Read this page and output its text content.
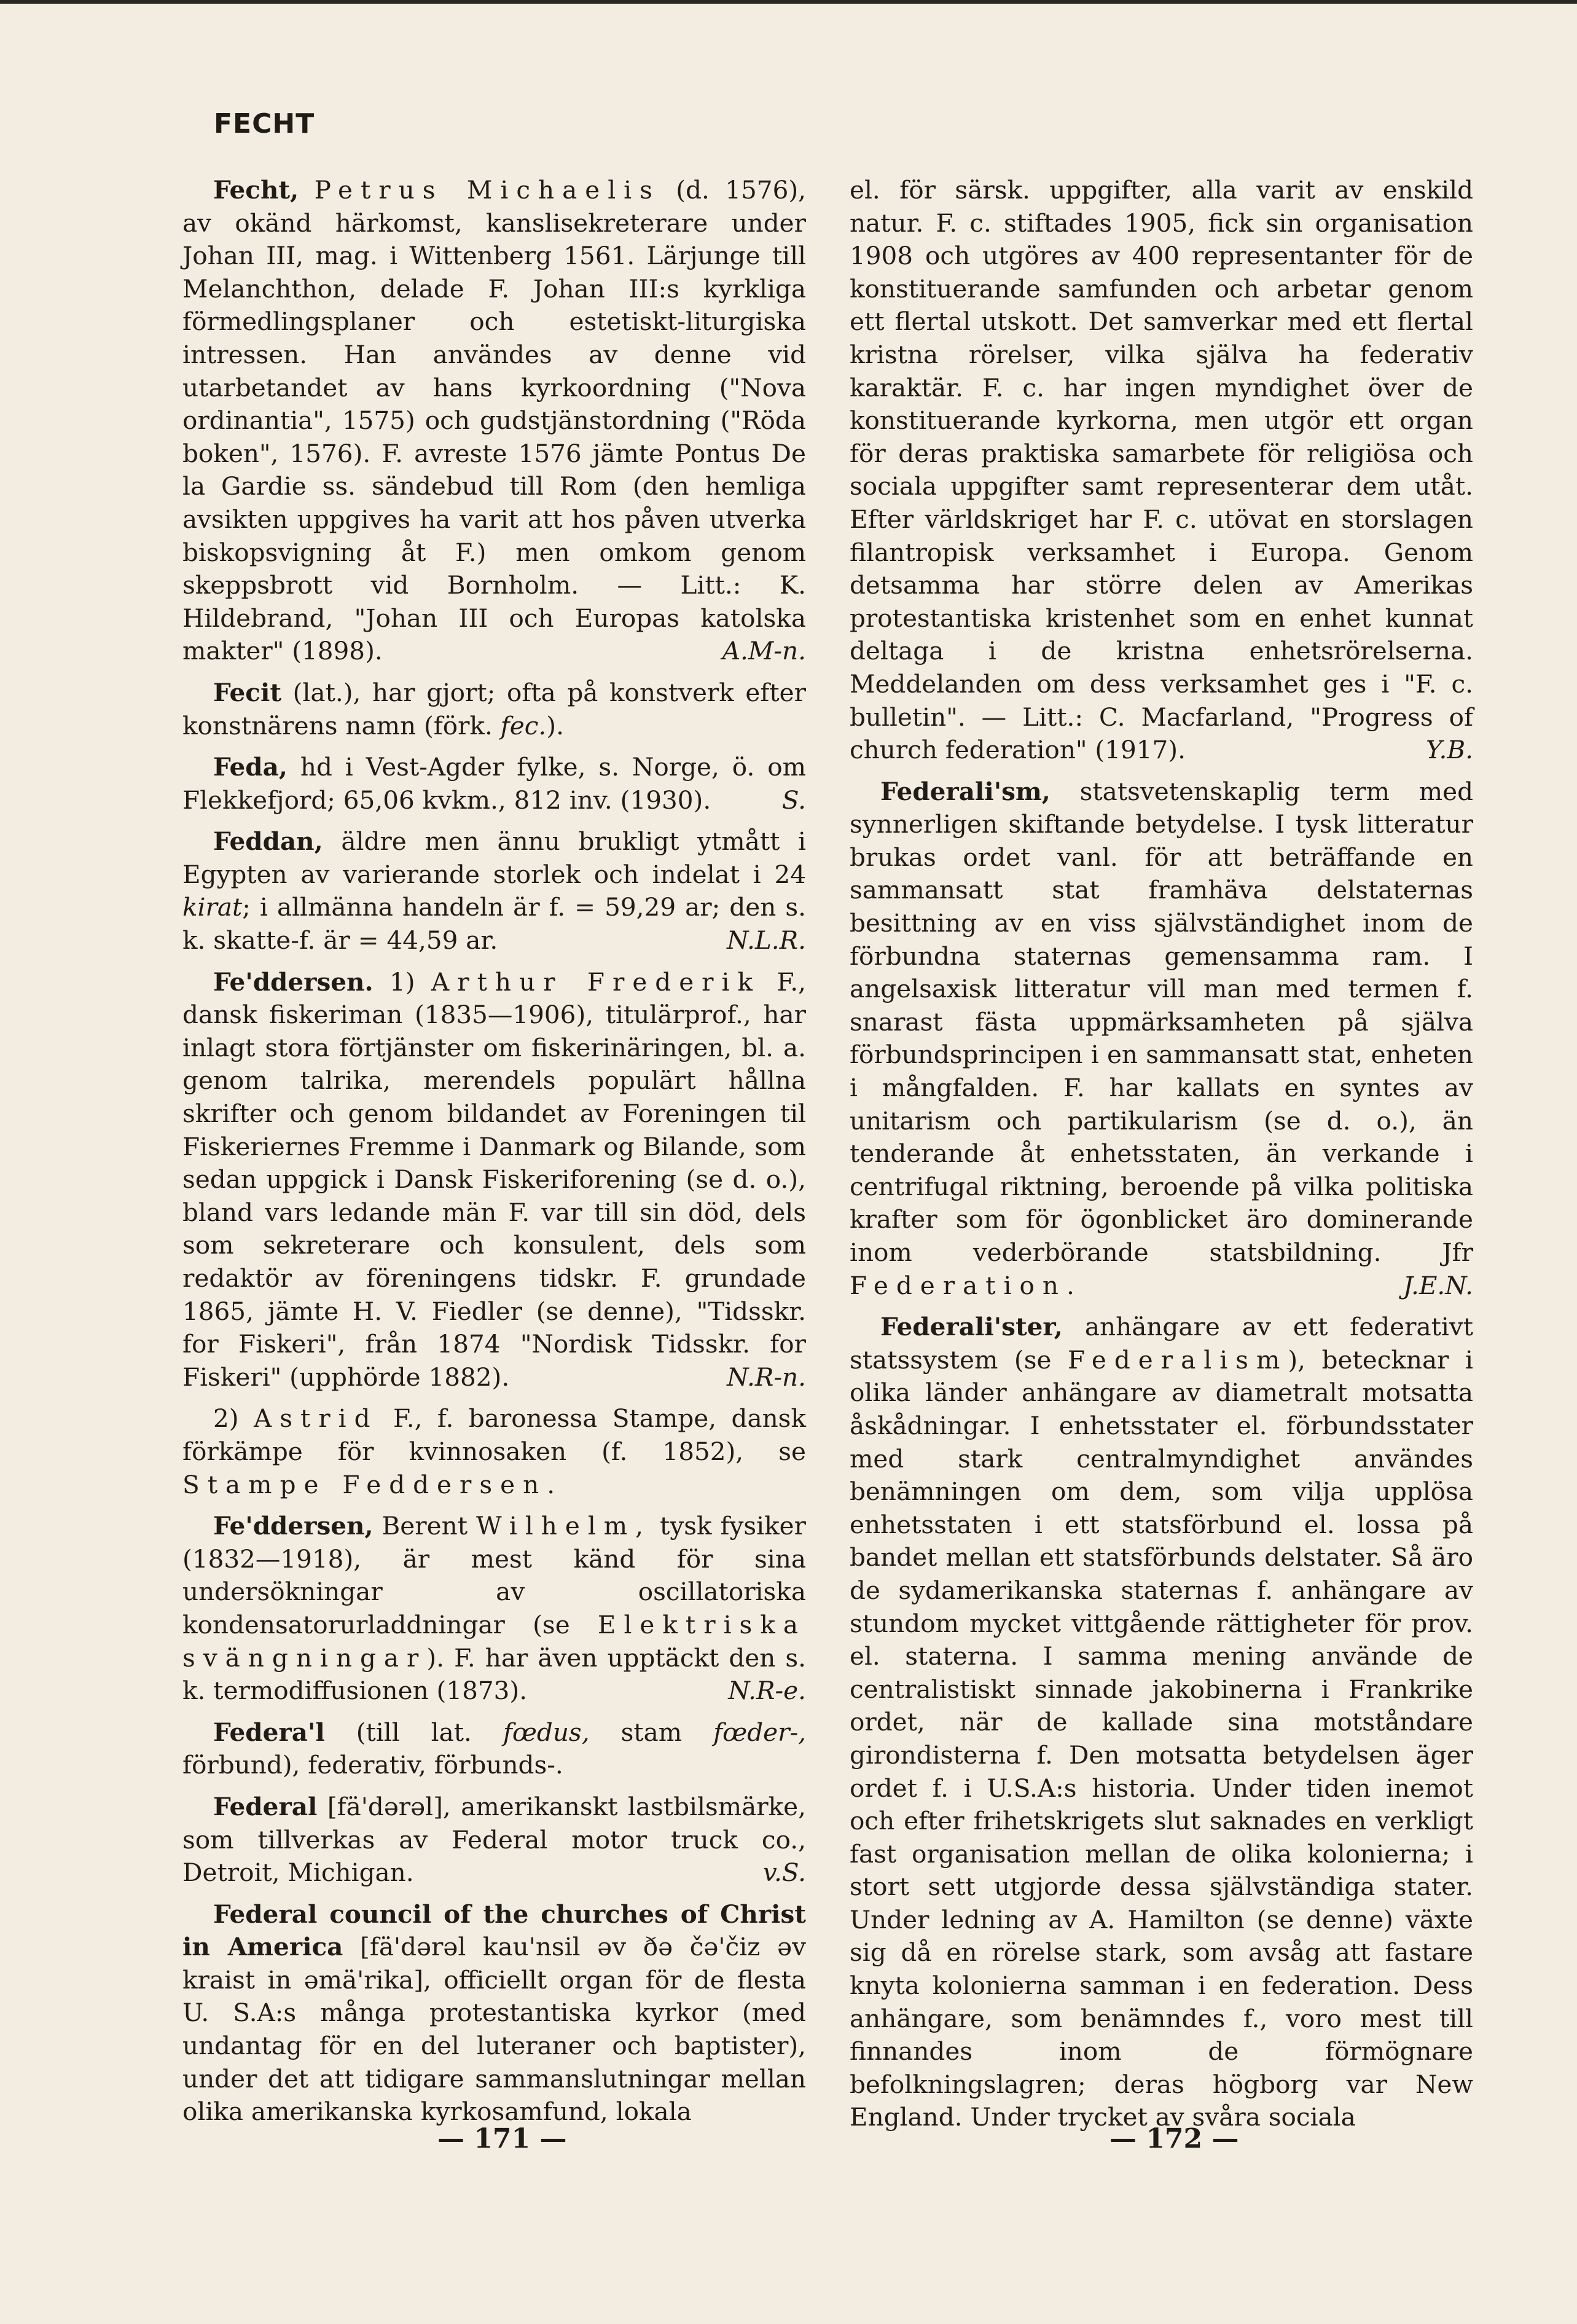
FECHT

Fecht, Petrus Michaelis (d. 1576), av okänd härkomst, kanslisekreterare under Johan III, mag. i Wittenberg 1561. Lärjunge till Melanchthon, delade F. Johan III:s kyrkliga förmedlingsplaner och estetiskt-liturgiska intressen. Han användes av denne vid utarbetandet av hans kyrkoordning ("Nova ordinantia", 1575) och gudstjänstordning ("Röda boken", 1576). F. avreste 1576 jämte Pontus De la Gardie ss. sändebud till Rom (den hemliga avsikten uppgives ha varit att hos påven utverka biskopsvigning åt F.) men omkom genom skeppsbrott vid Bornholm. — Litt.: K. Hildebrand, "Johan III och Europas katolska makter" (1898).	A.M-n.

Fecit (lat.), har gjort; ofta på konstverk efter konstnärens namn (förk. fec.).

Feda, hd i Vest-Agder fylke, s. Norge, ö. om Flekkefjord; 65,06 kvkm., 812 inv. (1930).	S.

Feddan, äldre men ännu brukligt ytmått i Egypten av varierande storlek och indelat i 24 kirat; i allmänna handeln är f. = 59,29 ar; den s. k. skatte-f. är = 44,59 ar.	N.L.R.

Fe'ddersen. 1) Arthur Frederik F., dansk fiskeriman (1835—1906), titulärprof., har inlagt stora förtjänster om fiskerinäringen, bl. a. genom talrika, merendels populärt hållna skrifter och genom bildandet av Foreningen til Fiskeriernes Fremme i Danmark og Bilande, som sedan uppgick i Dansk Fiskeriforening (se d. o.), bland vars ledande män F. var till sin död, dels som sekreterare och konsulent, dels som redaktör av föreningens tidskr. F. grundade 1865, jämte H. V. Fiedler (se denne), "Tidsskr. for Fiskeri", från 1874 "Nordisk Tidsskr. for Fiskeri" (upphörde 1882).	N.R-n.

2) Astrid F., f. baronessa Stampe, dansk förkämpe för kvinnosaken (f. 1852), se Stampe Feddersen.

Fe'ddersen, Berent Wilhelm, tysk fysiker (1832—1918), är mest känd för sina undersökningar av oscillatoriska kondensatorurladdningar (se Elektriska svängningar). F. har även upptäckt den s. k. termodiffusionen (1873).	N.R-e.

Federa'l (till lat. fœdus, stam fœder-, förbund), federativ, förbunds-.

Federal [fä'dərəl], amerikanskt lastbilsmärke, som tillverkas av Federal motor truck co., Detroit, Michigan.	v.S.

Federal council of the churches of Christ in America [fä'dərəl kau'nsil əv ðə čə'čiz əv kraist in əmä'rika], officiellt organ för de flesta U. S.A:s många protestantiska kyrkor (med undantag för en del luteraner och baptister), under det att tidigare sammanslutningar mellan olika amerikanska kyrkosamfund, lokala

el. för särsk. uppgifter, alla varit av enskild natur. F. c. stiftades 1905, fick sin organisation 1908 och utgöres av 400 representanter för de konstituerande samfunden och arbetar genom ett flertal utskott. Det samverkar med ett flertal kristna rörelser, vilka själva ha federativ karaktär. F. c. har ingen myndighet över de konstituerande kyrkorna, men utgör ett organ för deras praktiska samarbete för religiösa och sociala uppgifter samt representerar dem utåt. Efter världskriget har F. c. utövat en storslagen filantropisk verksamhet i Europa. Genom detsamma har större delen av Amerikas protestantiska kristenhet som en enhet kunnat deltaga i de kristna enhetsrörelserna. Meddelanden om dess verksamhet ges i "F. c. bulletin". — Litt.: C. Macfarland, "Progress of church federation" (1917).	Y.B.

Federali'sm, statsvetenskaplig term med synnerligen skiftande betydelse. I tysk litteratur brukas ordet vanl. för att beträffande en sammansatt stat framhäva delstaternas besittning av en viss självständighet inom de förbundna staternas gemensamma ram. I angelsaxisk litteratur vill man med termen f. snarast fästa uppmärksamheten på själva förbundsprincipen i en sammansatt stat, enheten i mångfalden. F. har kallats en syntes av unitarism och partikularism (se d. o.), än tenderande åt enhetsstaten, än verkande i centrifugal riktning, beroende på vilka politiska krafter som för ögonblicket äro dominerande inom vederbörande statsbildning. Jfr Federation.	J.E.N.

Federali'ster, anhängare av ett federativt statssystem (se Federalism), betecknar i olika länder anhängare av diametralt motsatta åskådningar. I enhetsstater el. förbundsstater med stark centralmyndighet användes benämningen om dem, som vilja upplösa enhetsstaten i ett statsförbund el. lossa på bandet mellan ett statsförbunds delstater. Så äro de sydamerikanska staternas f. anhängare av stundom mycket vittgående rättigheter för prov. el. staterna. I samma mening använde de centralistiskt sinnade jakobinerna i Frankrike ordet, när de kallade sina motståndare girondisterna f. Den motsatta betydelsen äger ordet f. i U.S.A:s historia. Under tiden inemot och efter frihetskrigets slut saknades en verkligt fast organisation mellan de olika kolonierna; i stort sett utgjorde dessa självständiga stater. Under ledning av A. Hamilton (se denne) växte sig då en rörelse stark, som avsåg att fastare knyta kolonierna samman i en federation. Dess anhängare, som benämndes f., voro mest till finnandes inom de förmögnare befolkningslagren; deras högborg var New England. Under trycket av svåra sociala

— 171 —	— 172 —
